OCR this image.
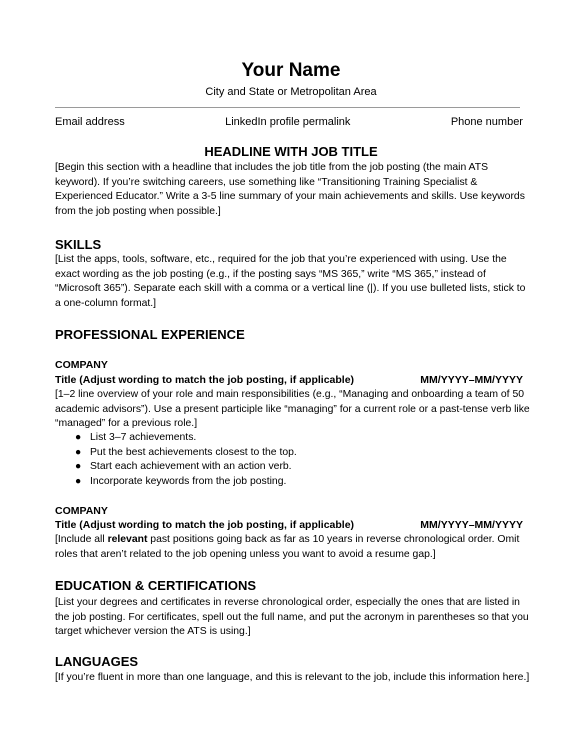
Your Name
City and State or Metropolitan Area
Email address	LinkedIn profile permalink	Phone number
HEADLINE WITH JOB TITLE
[Begin this section with a headline that includes the job title from the job posting (the main ATS keyword). If you’re switching careers, use something like “Transitioning Training Specialist & Experienced Educator.” Write a 3-5 line summary of your main achievements and skills. Use keywords from the job posting when possible.]
SKILLS
[List the apps, tools, software, etc., required for the job that you’re experienced with using. Use the exact wording as the job posting (e.g., if the posting says “MS 365,” write “MS 365,” instead of “Microsoft 365”). Separate each skill with a comma or a vertical line (|). If you use bulleted lists, stick to a one-column format.]
PROFESSIONAL EXPERIENCE
COMPANY
Title (Adjust wording to match the job posting, if applicable)	MM/YYYY–MM/YYYY
[1–2 line overview of your role and main responsibilities (e.g., “Managing and onboarding a team of 50 academic advisors”). Use a present participle like “managing” for a current role or a past-tense verb like “managed” for a previous role.]
● List 3–7 achievements.
● Put the best achievements closest to the top.
● Start each achievement with an action verb.
● Incorporate keywords from the job posting.
COMPANY
Title (Adjust wording to match the job posting, if applicable)	MM/YYYY–MM/YYYY
[Include all relevant past positions going back as far as 10 years in reverse chronological order. Omit roles that aren’t related to the job opening unless you want to avoid a resume gap.]
EDUCATION & CERTIFICATIONS
[List your degrees and certificates in reverse chronological order, especially the ones that are listed in the job posting. For certificates, spell out the full name, and put the acronym in parentheses so that you target whichever version the ATS is using.]
LANGUAGES
[If you’re fluent in more than one language, and this is relevant to the job, include this information here.]
